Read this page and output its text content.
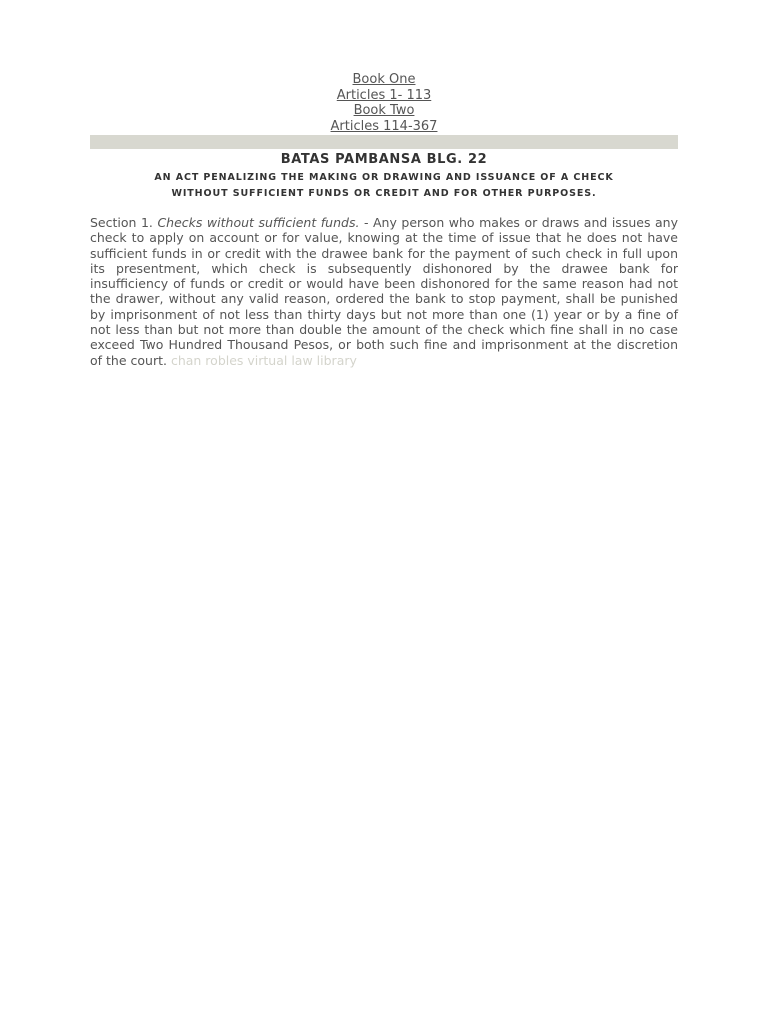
Book One
Articles 1- 113
Book Two
Articles 114-367
BATAS PAMBANSA BLG. 22
AN ACT PENALIZING THE MAKING OR DRAWING AND ISSUANCE OF A CHECK
WITHOUT SUFFICIENT FUNDS OR CREDIT AND FOR OTHER PURPOSES.

Section 1. Checks without sufficient funds. - Any person who makes or draws and issues any check to apply on account or for value, knowing at the time of issue that he does not have sufficient funds in or credit with the drawee bank for the payment of such check in full upon its presentment, which check is subsequently dishonored by the drawee bank for insufficiency of funds or credit or would have been dishonored for the same reason had not the drawer, without any valid reason, ordered the bank to stop payment, shall be punished by imprisonment of not less than thirty days but not more than one (1) year or by a fine of not less than but not more than double the amount of the check which fine shall in no case exceed Two Hundred Thousand Pesos, or both such fine and imprisonment at the discretion of the court. chan robles virtual law library
